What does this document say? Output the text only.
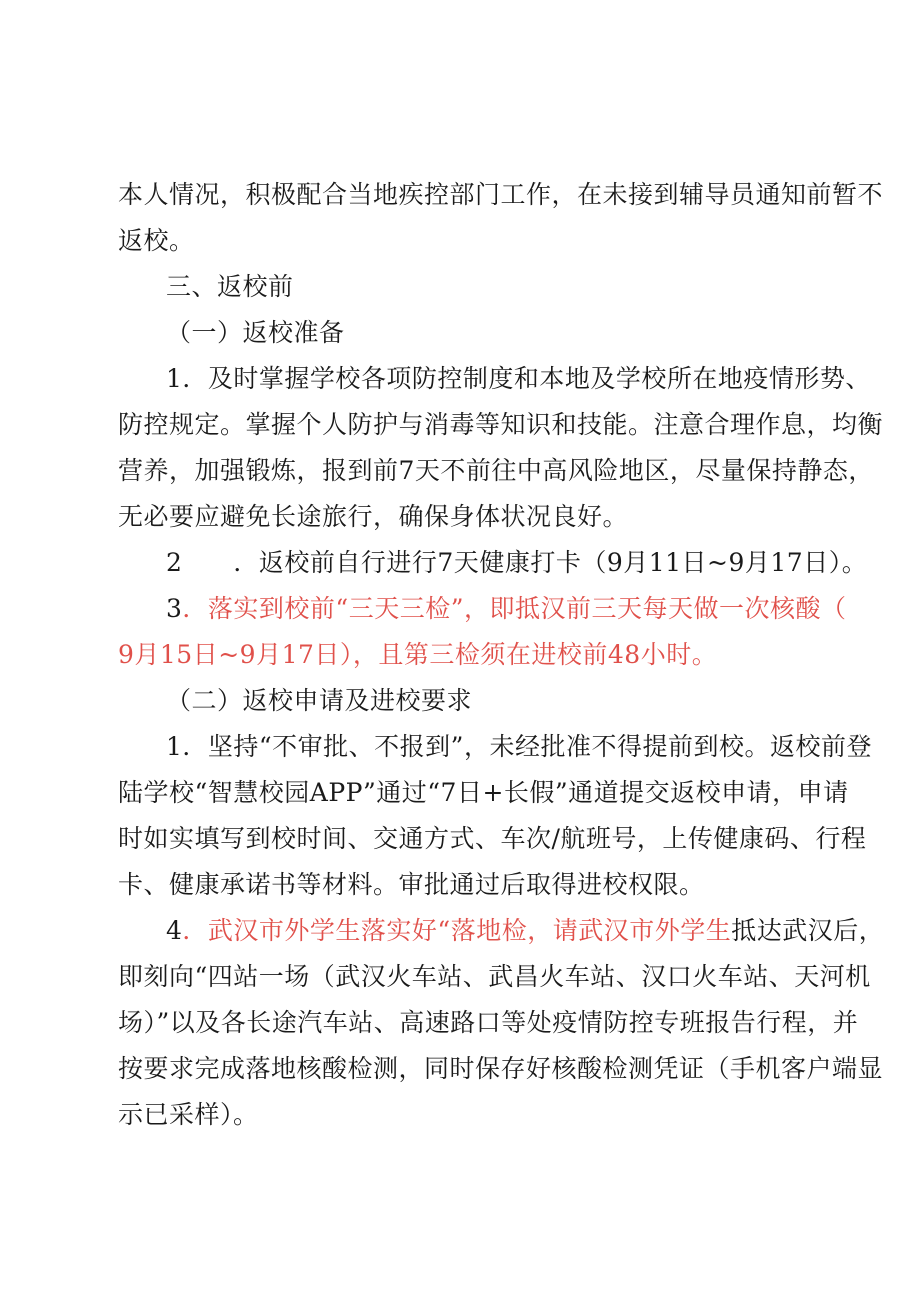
本人情况，积极配合当地疾控部门工作，在未接到辅导员通知前暂不
返校。
三、返校前
（一）返校准备
1．及时掌握学校各项防控制度和本地及学校所在地疫情形势、
防控规定。掌握个人防护与消毒等知识和技能。注意合理作息，均衡
营养，加强锻炼，报到前7天不前往中高风险地区，尽量保持静态，
无必要应避免长途旅行，确保身体状况良好。
2　　．返校前自行进行7天健康打卡（9月11日~9月17日）。
3．落实到校前“三天三检”，即抵汉前三天每天做一次核酸（
9月15日~9月17日），且第三检须在进校前48小时。
（二）返校申请及进校要求
1．坚持“不审批、不报到”，未经批准不得提前到校。返校前登
陆学校“智慧校园APP”通过“7日+长假”通道提交返校申请，申请
时如实填写到校时间、交通方式、车次/航班号，上传健康码、行程
卡、健康承诺书等材料。审批通过后取得进校权限。
4．武汉市外学生落实好“落地检，请武汉市外学生抵达武汉后，
即刻向“四站一场（武汉火车站、武昌火车站、汉口火车站、天河机
场）”以及各长途汽车站、高速路口等处疫情防控专班报告行程，并
按要求完成落地核酸检测，同时保存好核酸检测凭证（手机客户端显
示已采样）。
